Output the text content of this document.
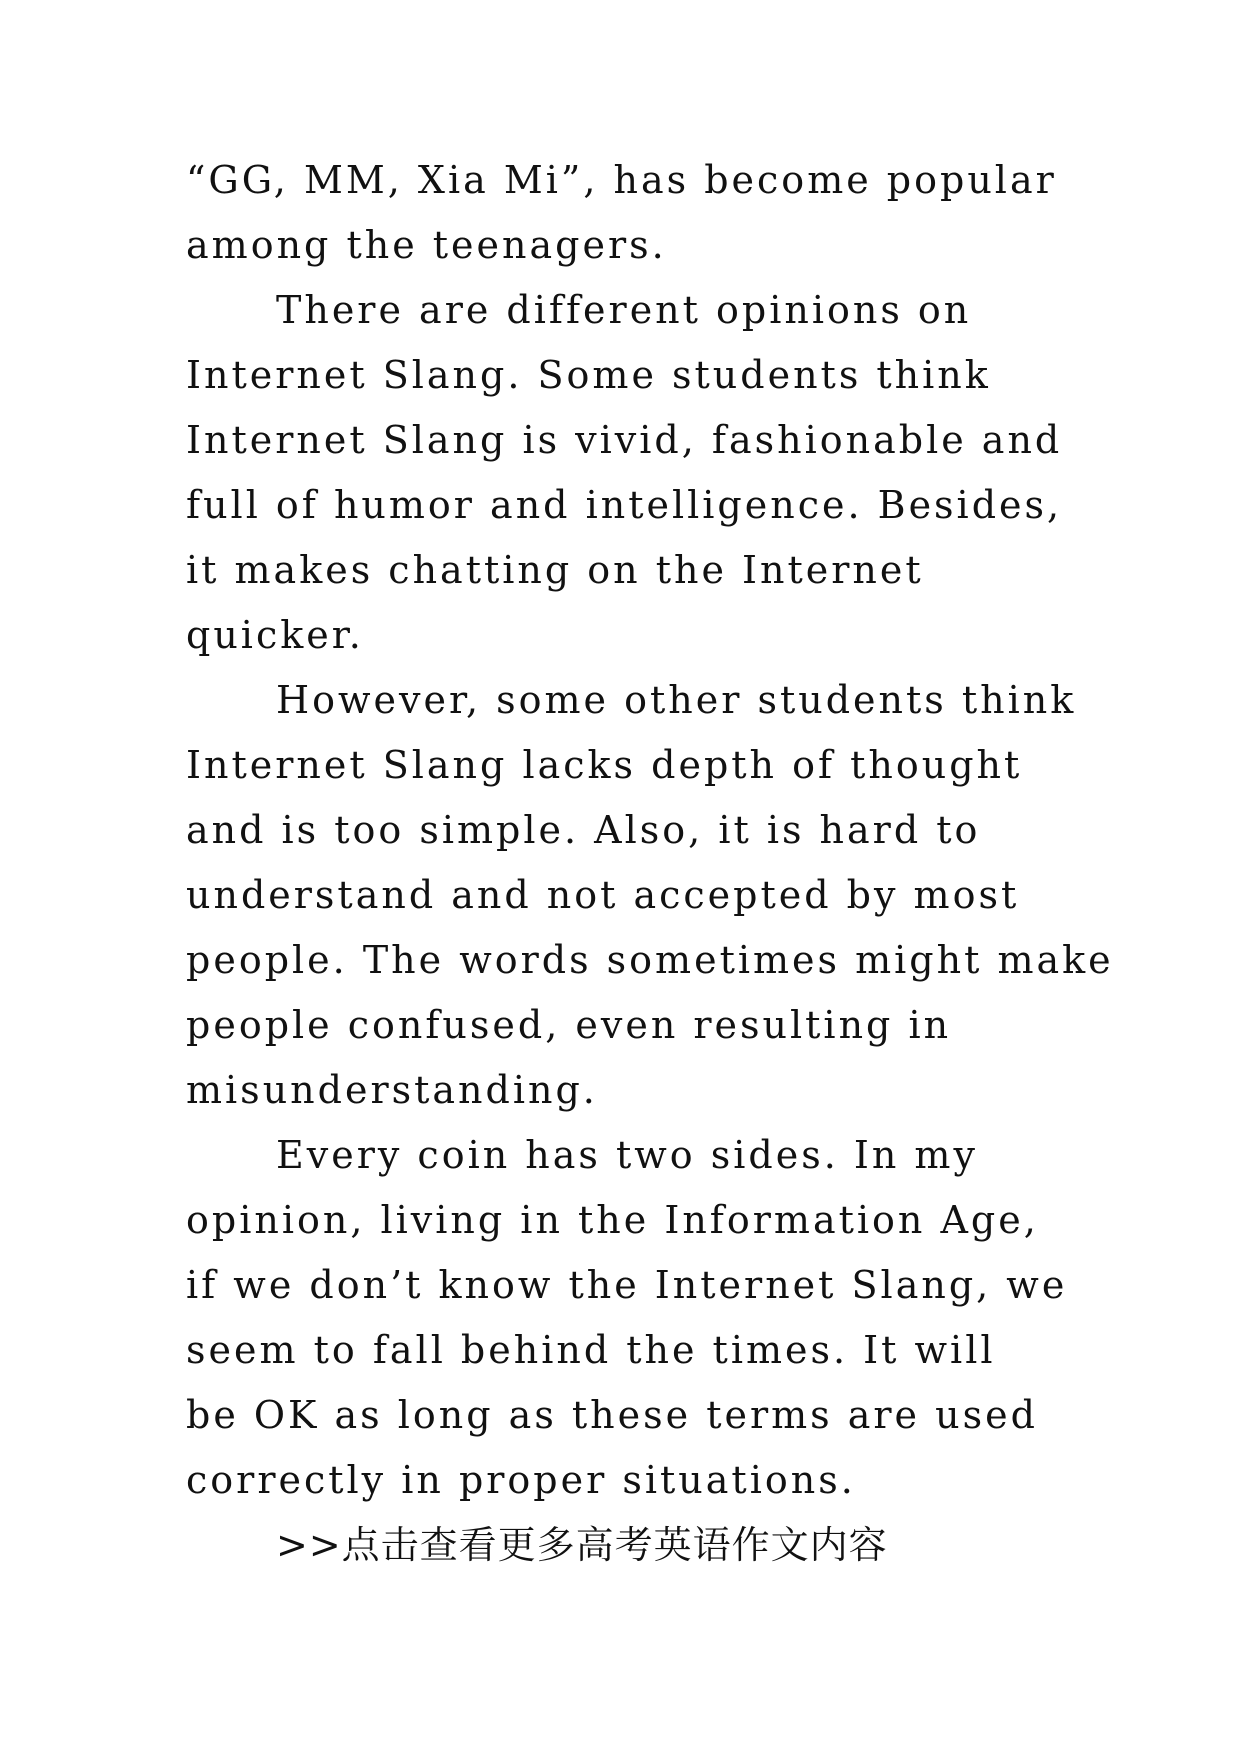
“GG, MM, Xia Mi”, has become popular
among the teenagers.
There are different opinions on
Internet Slang. Some students think
Internet Slang is vivid, fashionable and
full of humor and intelligence. Besides,
it makes chatting on the Internet
quicker.
However, some other students think
Internet Slang lacks depth of thought
and is too simple. Also, it is hard to
understand and not accepted by most
people. The words sometimes might make
people confused, even resulting in
misunderstanding.
Every coin has two sides. In my
opinion, living in the Information Age,
if we don’t know the Internet Slang, we
seem to fall behind the times. It will
be OK as long as these terms are used
correctly in proper situations.
>>点击查看更多高考英语作文内容
